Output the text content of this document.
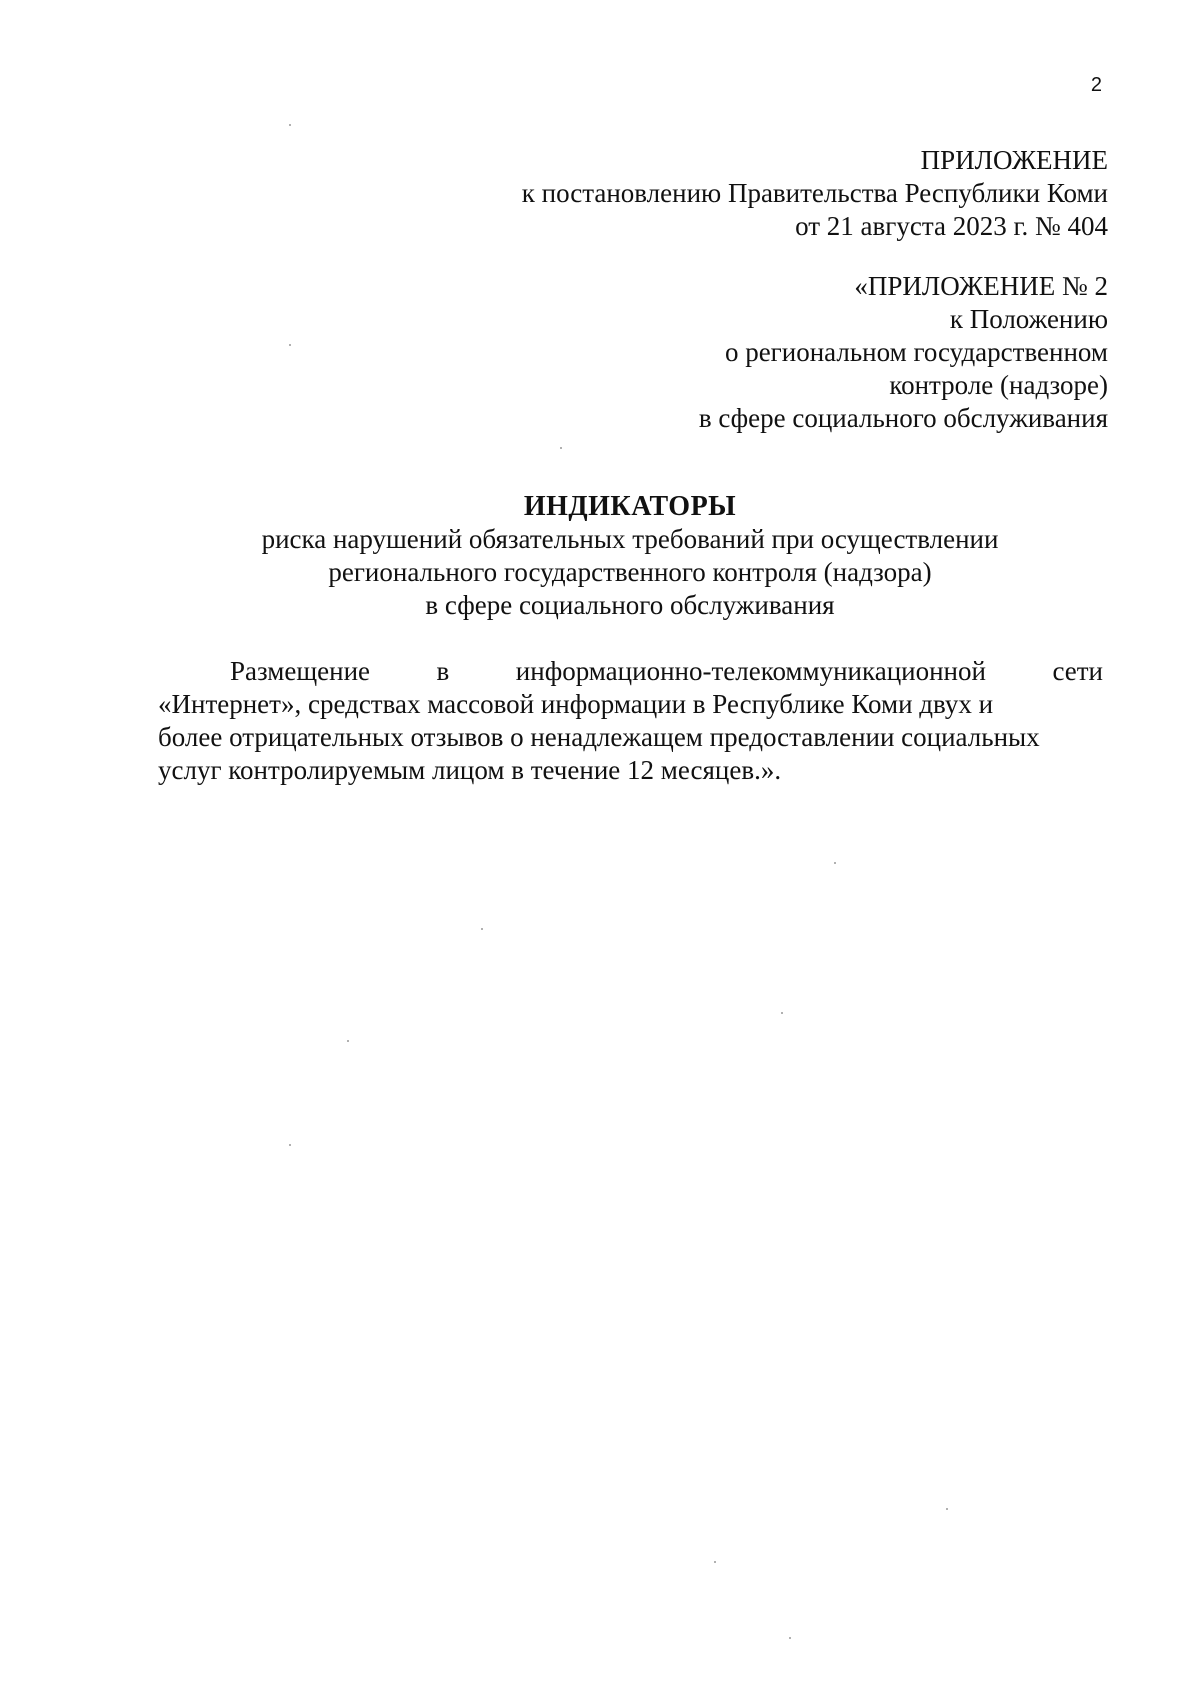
2
ПРИЛОЖЕНИЕ
к постановлению Правительства Республики Коми
от 21 августа 2023 г. № 404
«ПРИЛОЖЕНИЕ № 2
к Положению
о региональном государственном
контроле (надзоре)
в сфере социального обслуживания
ИНДИКАТОРЫ
риска нарушений обязательных требований при осуществлении
регионального государственного контроля (надзора)
в сфере социального обслуживания
Размещение в информационно-телекоммуникационной сети
«Интернет», средствах массовой информации в Республике Коми двух и
более отрицательных отзывов о ненадлежащем предоставлении социальных
услуг контролируемым лицом в течение 12 месяцев.».
